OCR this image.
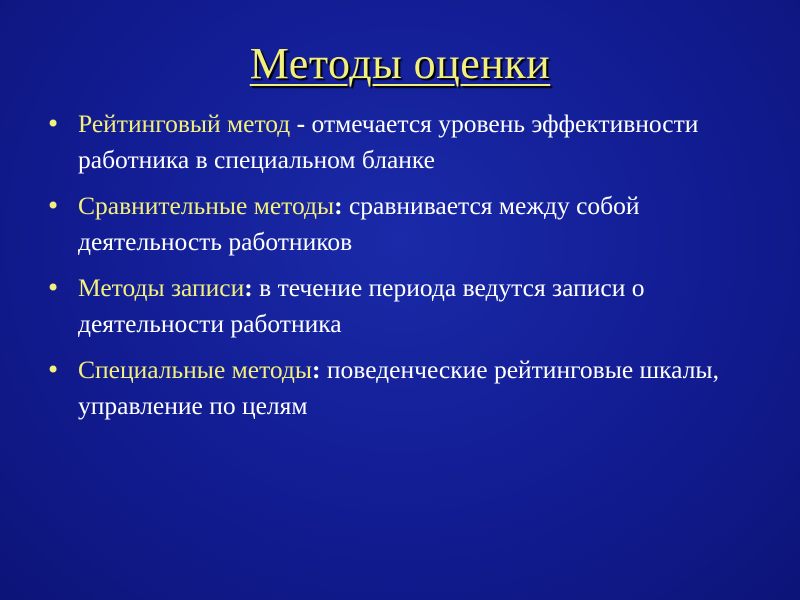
Методы оценки
• Рейтинговый метод - отмечается уровень эффективности работника в специальном бланке
• Сравнительные методы: сравнивается между собой деятельность работников
• Методы записи: в течение периода ведутся записи о деятельности работника
• Специальные методы: поведенческие рейтинговые шкалы, управление по целям
